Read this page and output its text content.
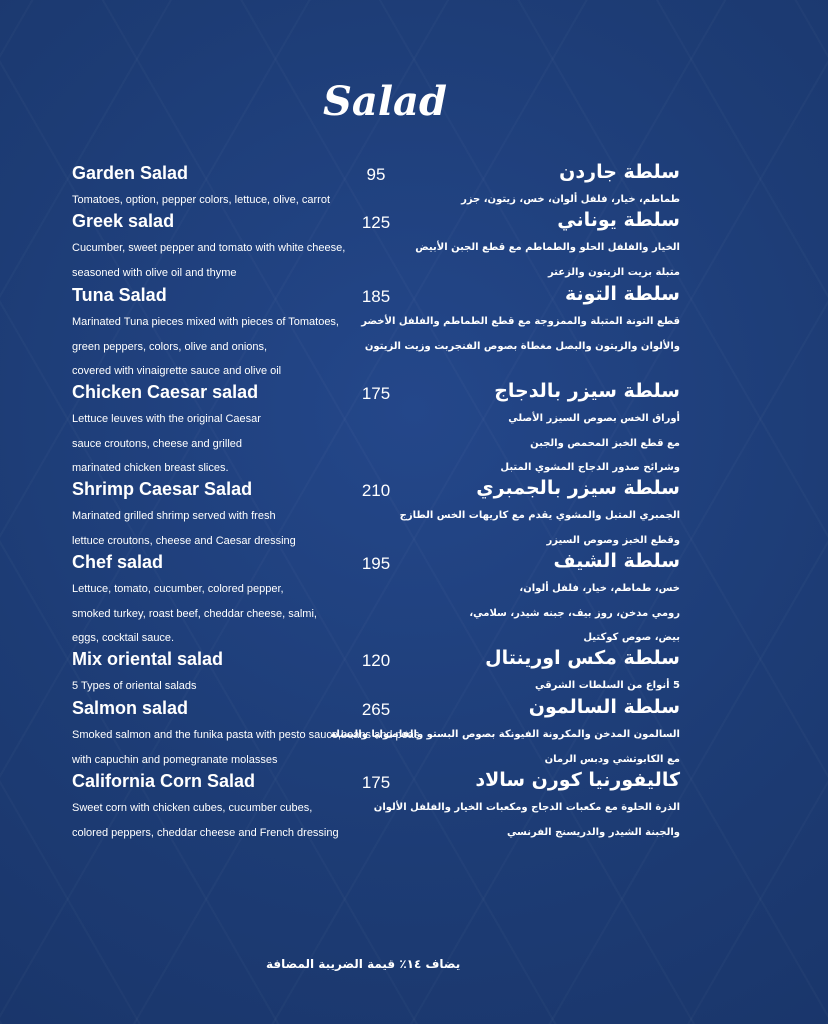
Salad
Garden Salad	95	سلطة جاردن
Tomatoes, option, pepper colors, lettuce, olive, carrot	طماطم، خيار، فلفل ألوان، خس، زيتون، جزر
Greek salad	125	سلطة يوناني
Cucumber, sweet pepper and tomato with white cheese,
seasoned with olive oil and thyme
الخيار والفلفل الحلو والطماطم مع قطع الجبن الأبيض
متبلة بزيت الزيتون والزعتر
Tuna Salad	185	سلطة التونة
Marinated Tuna pieces mixed with pieces of Tomatoes,
green peppers, colors, olive and onions,
covered with vinaigrette sauce and olive oil
قطع التونة المتبلة والممزوجة مع قطع الطماطم والفلفل الأخضر
والألوان والزيتون والبصل مغطاة بصوص الفنجربت وزيت الزيتون
Chicken Caesar salad	175	سلطة سيزر بالدجاج
Lettuce leuves with the original Caesar
sauce croutons, cheese and grilled
marinated chicken breast slices.
أوراق الخس بصوص السيزر الأصلي
مع قطع الخبز المحمص والجبن
وشرائح صدور الدجاج المشوي المتبل
Shrimp Caesar Salad	210	سلطة سيزر بالجمبري
Marinated grilled shrimp served with fresh
lettuce croutons, cheese and Caesar dressing
الجمبري المتبل والمشوي يقدم مع كاريهات الخس الطازج
وقطع الخبز وصوص السيزر
Chef salad	195	سلطة الشيف
Lettuce, tomato, cucumber, colored pepper,
smoked turkey, roast beef, cheddar cheese, salmi,
eggs, cocktail sauce.
خس، طماطم، خيار، فلفل ألوان،
رومي مدخن، روز بيف، جبنه شيدر، سلامي،
بيض، صوص كوكتيل
Mix oriental salad	120	سلطة مكس اورينتال
5 Types of oriental salads	5 أنواع من السلطات الشرقي
Salmon salad	265	سلطة السالمون
Smoked salmon and the funika pasta with pesto sauce,beans and peas
with capuchin and pomegranate molasses
السالمون المدخن والمكرونة الفيونكة بصوص البستو والفاصوليا والبسلة
مع الكابوتشي ودبس الرمان
California Corn Salad	175	كاليفورنيا كورن سالاد
Sweet corn with chicken cubes, cucumber cubes,
colored peppers, cheddar cheese and French dressing
الذرة الحلوة مع مكعبات الدجاج ومكعبات الخيار والفلفل الألوان
والجبنة الشيدر والدريسنج الفرنسي
يضاف ١٤٪ قيمة الضريبة المضافة
